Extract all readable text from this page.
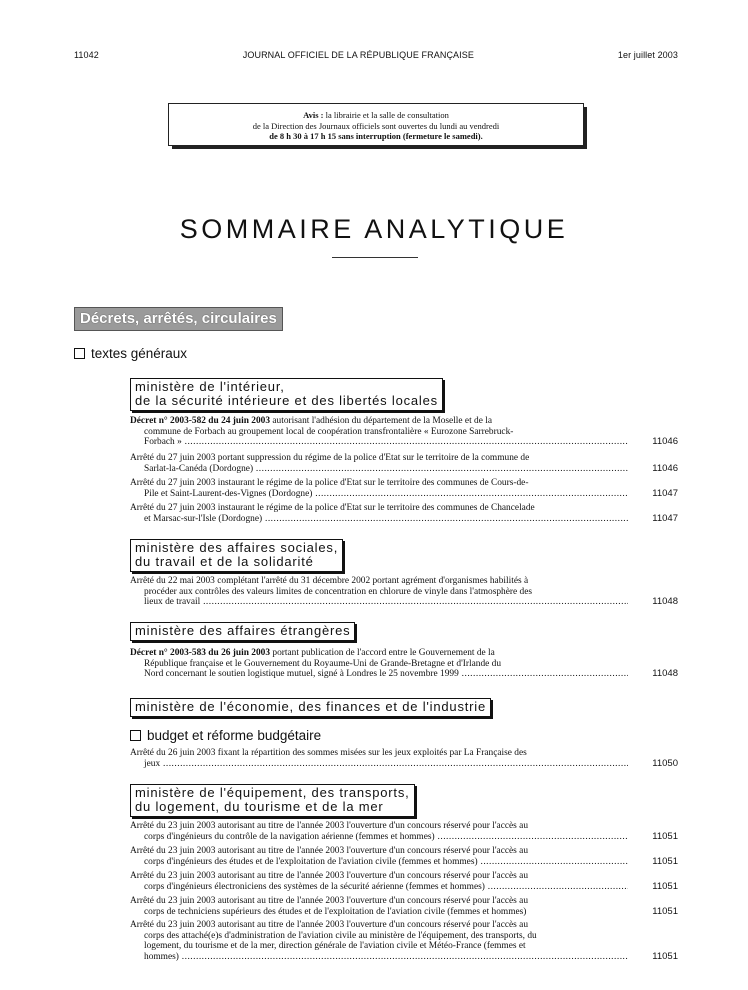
11042	JOURNAL OFFICIEL DE LA RÉPUBLIQUE FRANÇAISE	1er juillet 2003
Avis : la librairie et la salle de consultation
de la Direction des Journaux officiels sont ouvertes du lundi au vendredi
de 8 h 30 à 17 h 15 sans interruption (fermeture le samedi).
SOMMAIRE ANALYTIQUE
Décrets, arrêtés, circulaires
textes généraux
ministère de l'intérieur,
de la sécurité intérieure et des libertés locales
Décret n° 2003-582 du 24 juin 2003 autorisant l'adhésion du département de la Moselle et de la
commune de Forbach au groupement local de coopération transfrontalière « Eurozone Sarrebruck-
Forbach » .....	11046
Arrêté du 27 juin 2003 portant suppression du régime de la police d'Etat sur le territoire de la commune de
Sarlat-la-Canéda (Dordogne) .....	11046
Arrêté du 27 juin 2003 instaurant le régime de la police d'Etat sur le territoire des communes de Cours-de-
Pile et Saint-Laurent-des-Vignes (Dordogne) .....	11047
Arrêté du 27 juin 2003 instaurant le régime de la police d'Etat sur le territoire des communes de Chancelade
et Marsac-sur-l'Isle (Dordogne) .....	11047
ministère des affaires sociales,
du travail et de la solidarité
Arrêté du 22 mai 2003 complétant l'arrêté du 31 décembre 2002 portant agrément d'organismes habilités à
procéder aux contrôles des valeurs limites de concentration en chlorure de vinyle dans l'atmosphère des
lieux de travail .....	11048
ministère des affaires étrangères
Décret n° 2003-583 du 26 juin 2003 portant publication de l'accord entre le Gouvernement de la
République française et le Gouvernement du Royaume-Uni de Grande-Bretagne et d'Irlande du
Nord concernant le soutien logistique mutuel, signé à Londres le 25 novembre 1999 .....	11048
ministère de l'économie, des finances et de l'industrie
budget et réforme budgétaire
Arrêté du 26 juin 2003 fixant la répartition des sommes misées sur les jeux exploités par La Française des
jeux .....	11050
ministère de l'équipement, des transports,
du logement, du tourisme et de la mer
Arrêté du 23 juin 2003 autorisant au titre de l'année 2003 l'ouverture d'un concours réservé pour l'accès au
corps d'ingénieurs du contrôle de la navigation aérienne (femmes et hommes) .....	11051
Arrêté du 23 juin 2003 autorisant au titre de l'année 2003 l'ouverture d'un concours réservé pour l'accès au
corps d'ingénieurs des études et de l'exploitation de l'aviation civile (femmes et hommes) .....	11051
Arrêté du 23 juin 2003 autorisant au titre de l'année 2003 l'ouverture d'un concours réservé pour l'accès au
corps d'ingénieurs électroniciens des systèmes de la sécurité aérienne (femmes et hommes) .....	11051
Arrêté du 23 juin 2003 autorisant au titre de l'année 2003 l'ouverture d'un concours réservé pour l'accès au
corps de techniciens supérieurs des études et de l'exploitation de l'aviation civile (femmes et hommes)	11051
Arrêté du 23 juin 2003 autorisant au titre de l'année 2003 l'ouverture d'un concours réservé pour l'accès au
corps des attaché(e)s d'administration de l'aviation civile au ministère de l'équipement, des transports, du
logement, du tourisme et de la mer, direction générale de l'aviation civile et Météo-France (femmes et
hommes) .....	11051
